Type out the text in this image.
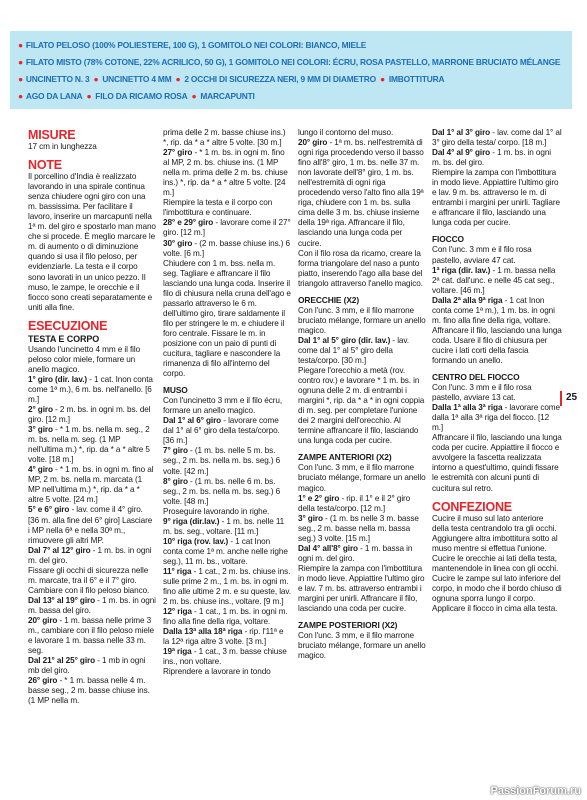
● FILATO PELOSO (100% POLIESTERE, 100 G), 1 GOMITOLO NEI COLORI: BIANCO, MIELE
● FILATO MISTO (78% COTONE, 22% ACRILICO, 50 G), 1 GOMITOLO NEI COLORI: ÉCRU, ROSA PASTELLO, MARRONE BRUCIATO MÉLANGE
● UNCINETTO N. 3 ● UNCINETTO 4 MM ● 2 OCCHI DI SICUREZZA NERI, 9 MM DI DIAMETRO ● IMBOTTITURA
● AGO DA LANA ● FILO DA RICAMO ROSA ● MARCAPUNTI
MISURE
17 cm in lunghezza
NOTE
Il porcellino d'India è realizzato lavorando in una spirale continua senza chiudere ogni giro con una m. bassissima. Per facilitare il lavoro, inserire un marcapunti nella 1ª m. del giro e spostarlo man mano che si procede. È meglio marcare le m. di aumento o di diminuzione quando si usa il filo peloso, per evidenziarle. La testa e il corpo sono lavorati in un unico pezzo. Il muso, le zampe, le orecchie e il fiocco sono creati separatamente e uniti alla fine.
ESECUZIONE
TESTA E CORPO
Usando l'uncinetto 4 mm e il filo peloso color miele, formare un anello magico.
1° giro (dir. lav.) - 1 cat. Inon conta come 1ª m.), 6 m. bs. nell'anello. [6 m.]
2° giro - 2 m. bs. in ogni m. bs. del giro. [12 m.]
3° giro - * 1 m. bs. nella m. seg., 2 m. bs. nella m. seg. (1 MP nell'ultima m.) *, rip. da * a * altre 5 volte. [18 m.]
4° giro - * 1 m. bs. in ogni m. fino al MP, 2 m. bs. nella m. marcata (1 MP nell'ultima m.) *, rip. da * a * altre 5 volte. [24 m.]
5° e 6° giro - lav. come il 4° giro. [36 m. alla fine del 6° giro] Lasciare i MP nella 6ª e nella 30ª m., rimuovere gli altri MP.
Dal 7° al 12° giro - 1 m. bs. in ogni m. del giro.
Fissare gli occhi di sicurezza nelle m. marcate, tra il 6° e il 7° giro. Cambiare con il filo peloso bianco.
Dal 13° al 19° giro - 1 m. bs. in ogni m. bassa del giro.
20° giro - 1 m. bassa nelle prime 3 m., cambiare con il filo peloso miele e lavorare 1 m. bassa nelle 33 m. seg.
Dal 21° al 25° giro - 1 mb in ogni mb del giro.
26° giro - * 1 m. bassa nelle 4 m. basse seg., 2 m. basse chiuse ins. (1 MP nella m.
prima delle 2 m. basse chiuse ins.) *, rip. da * a * altre 5 volte. [30 m.]
27° giro - * 1 m. bs. in ogni m. fino al MP, 2 m. bs. chiuse ins. (1 MP nella m. prima delle 2 m. bs. chiuse ins.) *, rip. da * a * altre 5 volte. [24 m.]
Riempire la testa e il corpo con l'imbottitura e continuare.
28° e 29° giro - lavorare come il 27° giro. [12 m.]
30° giro - (2 m. basse chiuse ins.) 6 volte. [6 m.]
Chiudere con 1 m. bss. nella m. seg. Tagliare e affrancare il filo lasciando una lunga coda. Inserire il filo di chiusura nella cruna dell'ago e passarlo attraverso le 6 m. dell'ultimo giro, tirare saldamente il filo per stringere le m. e chiudere il foro centrale. Fissare le m. in posizione con un paio di punti di cucitura, tagliare e nascondere la rimanenza di filo all'interno del corpo.
MUSO
Con l'uncinetto 3 mm e il filo écru, formare un anello magico.
Dal 1° al 6° giro - lavorare come dal 1° al 6° giro della testa/corpo. [36 m.]
7° giro - (1 m. bs. nelle 5 m. bs. seg., 2 m. bs. nella m. bs. seg.) 6 volte. [42 m.]
8° giro - (1 m. bs. nelle 6 m. bs. seg., 2 m. bs. nella m. bs. seg.) 6 volte. [48 m.]
Proseguire lavorando in righe.
9° riga (dir.lav.) - 1 m. bs. nelle 11 m. bs. seg., voltare. [11 m.]
10° riga (rov. lav.) - 1 cat Inon conta come 1ª m. anche nelle righe seg.), 11 m. bs., voltare.
11° riga - 1 cat., 2 m. bs. chiuse ins. sulle prime 2 m., 1 m. bs. in ogni m. fino alle ultime 2 m. e su queste, lav. 2 m. bs. chiuse ins., voltare. [9 m.]
12° riga - 1 cat., 1 m. bs. in ogni m. fino alla fine della riga, voltare.
Dalla 13ª alla 18ª riga - rip. l'11ª e la 12ª riga altre 3 volte. [3 m.]
19ª riga - 1 cat., 3 m. basse chiuse ins., non voltare.
Riprendere a lavorare in tondo
lungo il contorno del muso.
20° giro - 1ª m. bs. nell'estremità di ogni riga procedendo verso il basso fino all'8° giro, 1 m. bs. nelle 37 m. non lavorate dell'8° giro, 1 m. bs. nell'estremità di ogni riga procedendo verso l'alto fino alla 19ª riga, chiudere con 1 m. bs. sulla cima delle 3 m. bs. chiuse insieme della 19ª riga. Affrancare il filo, lasciando una lunga coda per cucire.
Con il filo rosa da ricamo, creare la forma triangolare del naso a punto piatto, inserendo l'ago alla base del triangolo attraverso l'anello magico.
ORECCHIE (X2)
Con l'unc. 3 mm, e il filo marrone bruciato mélange, formare un anello magico.
Dal 1° al 5° giro (dir. lav.) - lav. come dal 1° al 5° giro della testa/corpo. [30 m.]
Piegare l'orecchio a metà (rov. contro rov.) e lavorare * 1 m. bs. in ognuna delle 2 m. di entrambi i margini *, rip. da * a * in ogni coppia di m. seg. per completare l'unione dei 2 margini dell'orecchio. Al termine affrancare il filo, lasciando una lunga coda per cucire.
ZAMPE ANTERIORI (X2)
Con l'unc. 3 mm, e il filo marrone bruciato mélange, formare un anello magico.
1° e 2° giro - rip. il 1° e il 2° giro della testa/corpo. [12 m.]
3° giro - (1 m. bs nelle 3 m. basse seg., 2 m. basse nella m. bassa seg.) 3 volte. [15 m.]
Dal 4° all'8° giro - 1 m. bassa in ogni m. del giro.
Riempire la zampa con l'imbottitura in modo lieve. Appiattire l'ultimo giro e lav. 7 m. bs. attraverso entrambi i margini per unirli. Affrancare il filo, lasciando una coda per cucire.
ZAMPE POSTERIORI (X2)
Con l'unc. 3 mm, e il filo marrone bruciato mélange, formare un anello magico.
Dal 1° al 3° giro - lav. come dal 1° al 3° giro della testa/ corpo. [18 m.]
Dal 4° al 9° giro - 1 m. bs. in ogni m. bs. del giro.
Riempire la zampa con l'imbottitura in modo lieve. Appiattire l'ultimo giro e lav. 9 m. bs. attraverso le m. di entrambi i margini per unirli. Tagliare e affrancare il filo, lasciando una lunga coda per cucire.
FIOCCO
Con l'unc. 3 mm e il filo rosa pastello, avviare 47 cat.
1ª riga (dir. lav.) - 1 m. bassa nella 2ª cat. dall'unc. e nelle 45 cat seg., voltare. [46 m.]
Dalla 2ª alla 9ª riga - 1 cat Inon conta come 1ª m.), 1 m. bs. in ogni m. fino alla fine della riga, voltare. Affrancare il filo, lasciando una lunga coda. Usare il filo di chiusura per cucire i lati corti della fascia formando un anello.
CENTRO DEL FIOCCO
Con l'unc. 3 mm e il filo rosa pastello, avviare 13 cat.
Dalla 1ª alla 3ª riga - lavorare come dalla 1ª alla 3ª riga del fiocco. [12 m.]
Affrancare il filo, lasciando una lunga coda per cucire. Appiattire il fiocco e avvolgere la fascetta realizzata intorno a quest'ultimo, quindi fissare le estremità con alcuni punti di cucitura sul retro.
CONFEZIONE
Cucire il muso sul lato anteriore della testa centrandolo tra gli occhi. Aggiungere altra imbottitura sotto al muso mentre si effettua l'unione. Cucire le orecchie ai lati della testa, mantenendole in linea con gli occhi. Cucire le zampe sul lato inferiore del corpo, in modo che il bordo chiuso di ognuna sporra lungo il corpo. Applicare il fiocco in cima alla testa.
25
PassionForum.ru
